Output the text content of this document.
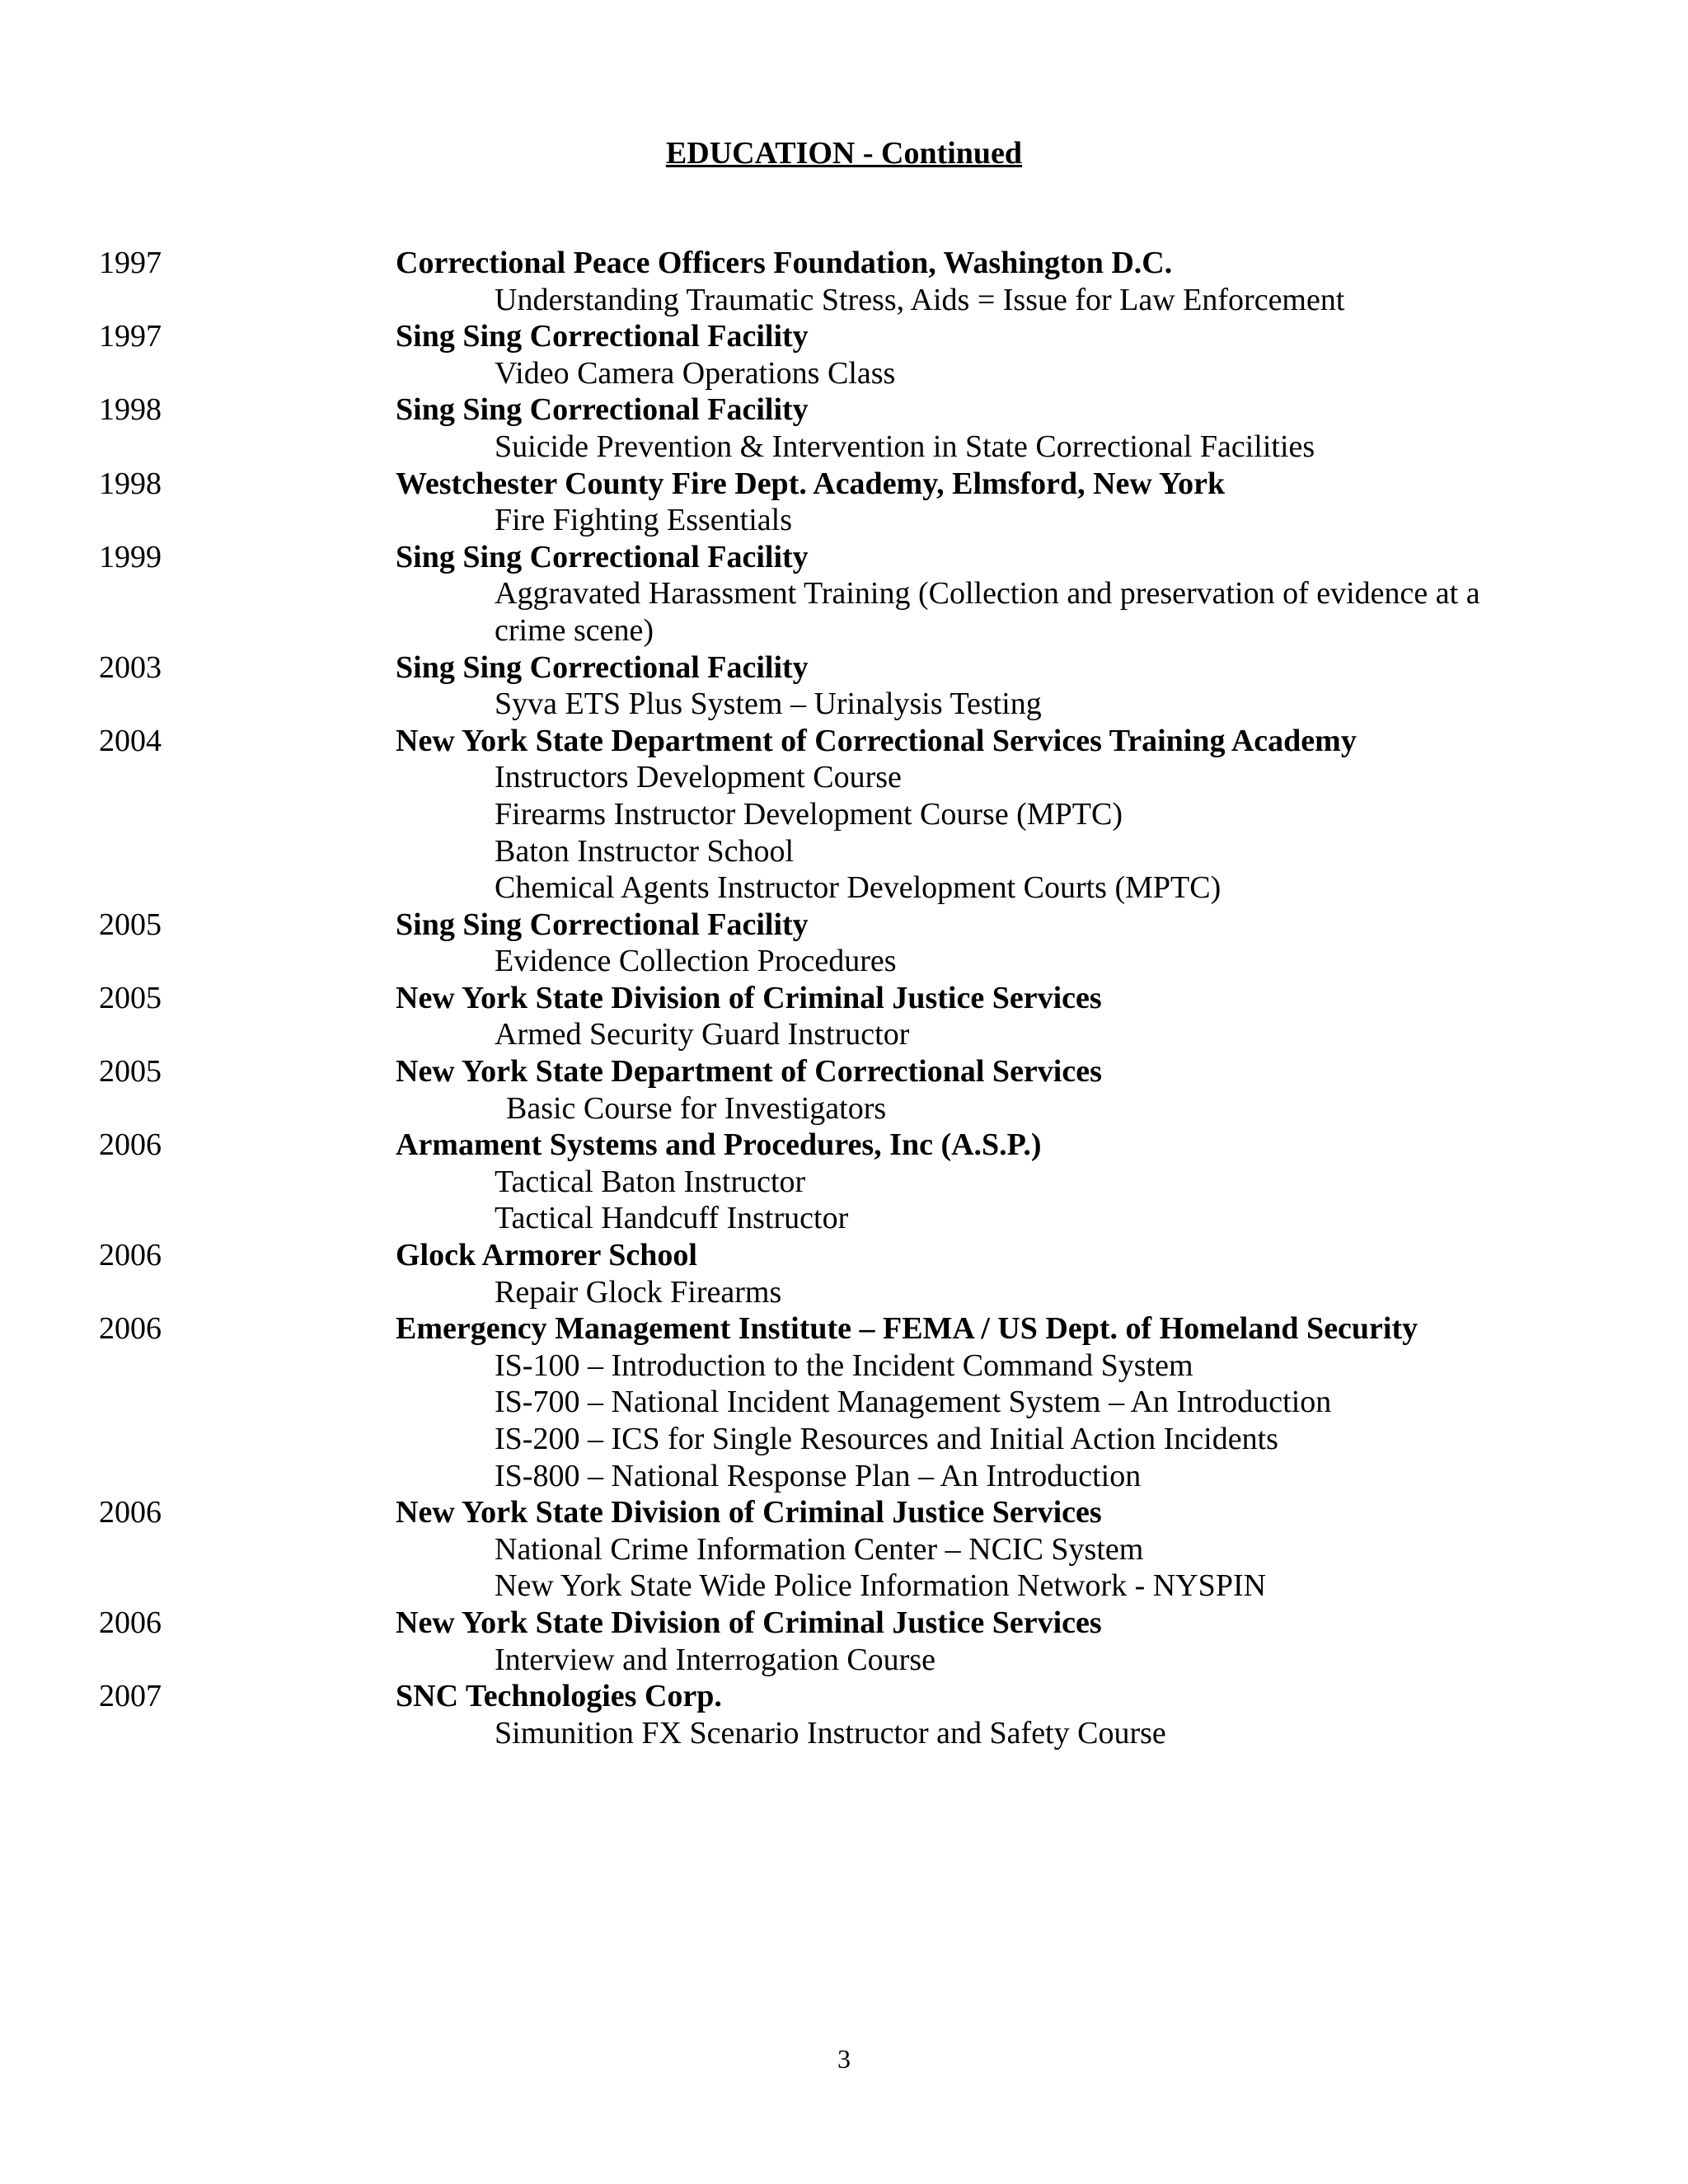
EDUCATION - Continued
1997	Correctional Peace Officers Foundation, Washington D.C.
Understanding Traumatic Stress, Aids = Issue for Law Enforcement
1997	Sing Sing Correctional Facility
Video Camera Operations Class
1998	Sing Sing Correctional Facility
Suicide Prevention & Intervention in State Correctional Facilities
1998	Westchester County Fire Dept. Academy, Elmsford, New York
Fire Fighting Essentials
1999	Sing Sing Correctional Facility
Aggravated Harassment Training (Collection and preservation of evidence at a
crime scene)
2003	Sing Sing Correctional Facility
Syva ETS Plus System – Urinalysis Testing
2004	New York State Department of Correctional Services Training Academy
Instructors Development Course
Firearms Instructor Development Course (MPTC)
Baton Instructor School
Chemical Agents Instructor Development Courts (MPTC)
2005	Sing Sing Correctional Facility
Evidence Collection Procedures
2005	New York State Division of Criminal Justice Services
Armed Security Guard Instructor
2005	New York State Department of Correctional Services
Basic Course for Investigators
2006	Armament Systems and Procedures, Inc (A.S.P.)
Tactical Baton Instructor
Tactical Handcuff Instructor
2006	Glock Armorer School
Repair Glock Firearms
2006	Emergency Management Institute – FEMA / US Dept. of Homeland Security
IS-100 – Introduction to the Incident Command System
IS-700 – National Incident Management System – An Introduction
IS-200 – ICS for Single Resources and Initial Action Incidents
IS-800 – National Response Plan – An Introduction
2006	New York State Division of Criminal Justice Services
National Crime Information Center – NCIC System
New York State Wide Police Information Network - NYSPIN
2006	New York State Division of Criminal Justice Services
Interview and Interrogation Course
2007	SNC Technologies Corp.
Simunition FX Scenario Instructor and Safety Course
3
